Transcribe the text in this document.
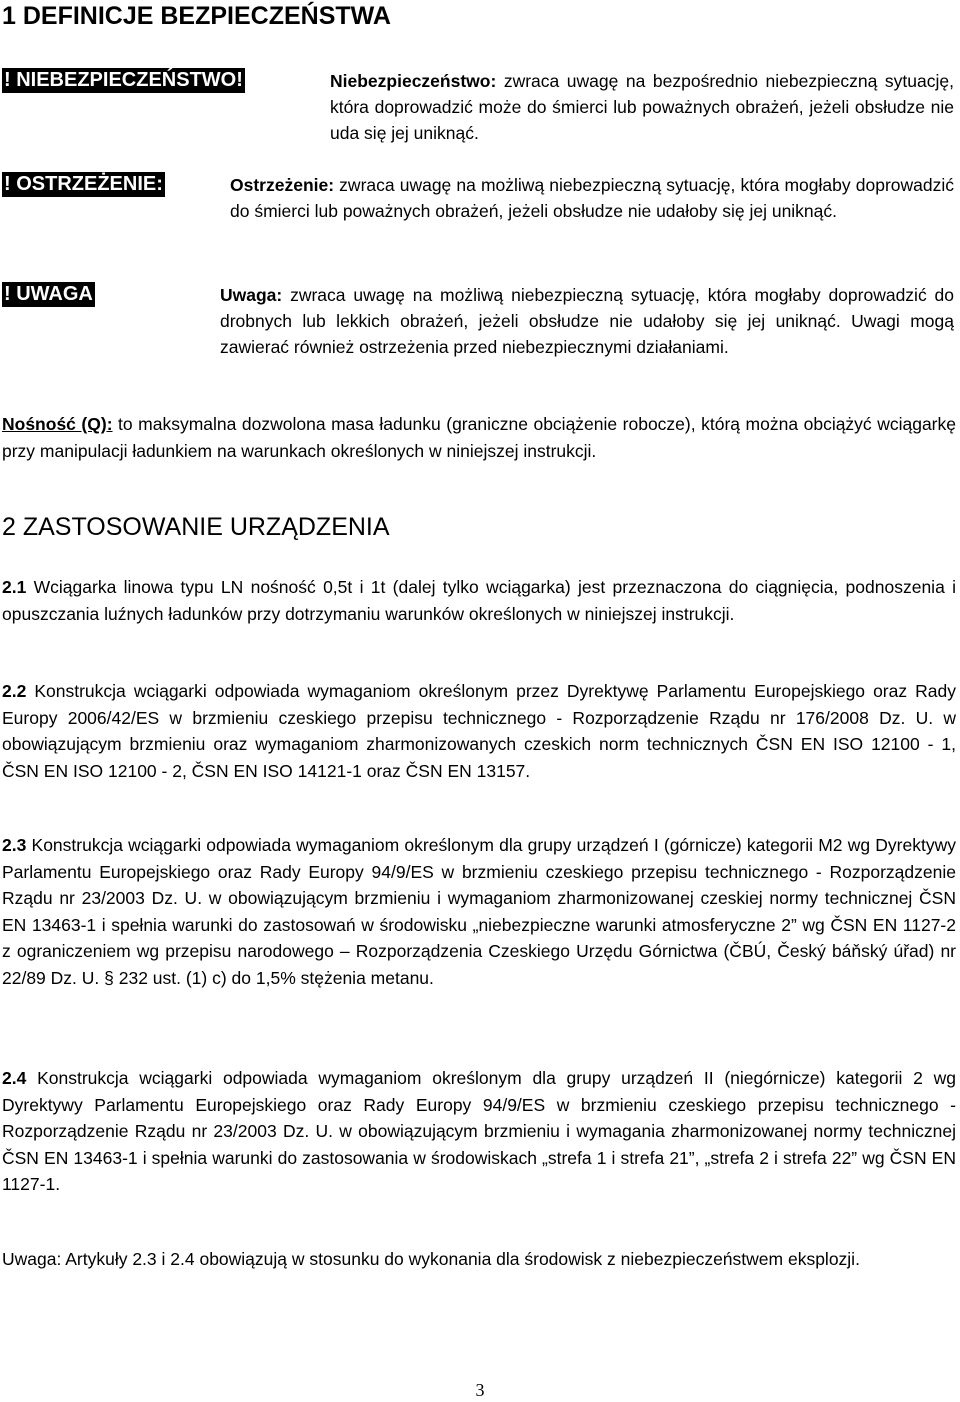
1 DEFINICJE BEZPIECZEŃSTWA
! NIEBEZPIECZEŃSTWO!	Niebezpieczeństwo: zwraca uwagę na bezpośrednio niebezpieczną sytuację, która doprowadzić może do śmierci lub poważnych obrażeń, jeżeli obsłudze nie uda się jej uniknąć.
! OSTRZEŻENIE:	Ostrzeżenie: zwraca uwagę na możliwą niebezpieczną sytuację, która mogłaby doprowadzić do śmierci lub poważnych obrażeń, jeżeli obsłudze nie udałoby się jej uniknąć.
! UWAGA	Uwaga: zwraca uwagę na możliwą niebezpieczną sytuację, która mogłaby doprowadzić do drobnych lub lekkich obrażeń, jeżeli obsłudze nie udałoby się jej uniknąć. Uwagi mogą zawierać również ostrzeżenia przed niebezpiecznymi działaniami.
Nośność (Q): to maksymalna dozwolona masa ładunku (graniczne obciążenie robocze), którą można obciążyć wciągarkę przy manipulacji ładunkiem na warunkach określonych w niniejszej instrukcji.
2 ZASTOSOWANIE URZĄDZENIA
2.1 Wciągarka linowa typu LN nośność 0,5t i 1t (dalej tylko wciągarka) jest przeznaczona do ciągnięcia, podnoszenia i opuszczania luźnych ładunków przy dotrzymaniu warunków określonych w niniejszej instrukcji.
2.2 Konstrukcja wciągarki odpowiada wymaganiom określonym przez Dyrektywę Parlamentu Europejskiego oraz Rady Europy 2006/42/ES w brzmieniu czeskiego przepisu technicznego - Rozporządzenie Rządu nr 176/2008 Dz. U. w obowiązującym brzmieniu oraz wymaganiom zharmonizowanych czeskich norm technicznych ČSN EN ISO 12100 - 1, ČSN EN ISO 12100 - 2, ČSN EN ISO 14121-1 oraz ČSN EN 13157.
2.3 Konstrukcja wciągarki odpowiada wymaganiom określonym dla grupy urządzeń I (górnicze) kategorii M2 wg Dyrektywy Parlamentu Europejskiego oraz Rady Europy 94/9/ES w brzmieniu czeskiego przepisu technicznego - Rozporządzenie Rządu nr 23/2003 Dz. U. w obowiązującym brzmieniu i wymaganiom zharmonizowanej czeskiej normy technicznej ČSN EN 13463-1 i spełnia warunki do zastosowań w środowisku „niebezpieczne warunki atmosferyczne 2” wg ČSN EN 1127-2 z ograniczeniem wg przepisu narodowego – Rozporządzenia Czeskiego Urzędu Górnictwa (ČBÚ, Český báňský úřad) nr 22/89 Dz. U. § 232 ust. (1) c) do 1,5% stężenia metanu.
2.4 Konstrukcja wciągarki odpowiada wymaganiom określonym dla grupy urządzeń II (niegórnicze) kategorii 2 wg Dyrektywy Parlamentu Europejskiego oraz Rady Europy 94/9/ES w brzmieniu czeskiego przepisu technicznego - Rozporządzenie Rządu nr 23/2003 Dz. U. w obowiązującym brzmieniu i wymagania zharmonizowanej normy technicznej ČSN EN 13463-1 i spełnia warunki do zastosowania w środowiskach „strefa 1 i strefa 21”, „strefa 2 i strefa 22” wg ČSN EN 1127-1.
Uwaga: Artykuły 2.3 i 2.4 obowiązują w stosunku do wykonania dla środowisk z niebezpieczeństwem eksplozji.
3
